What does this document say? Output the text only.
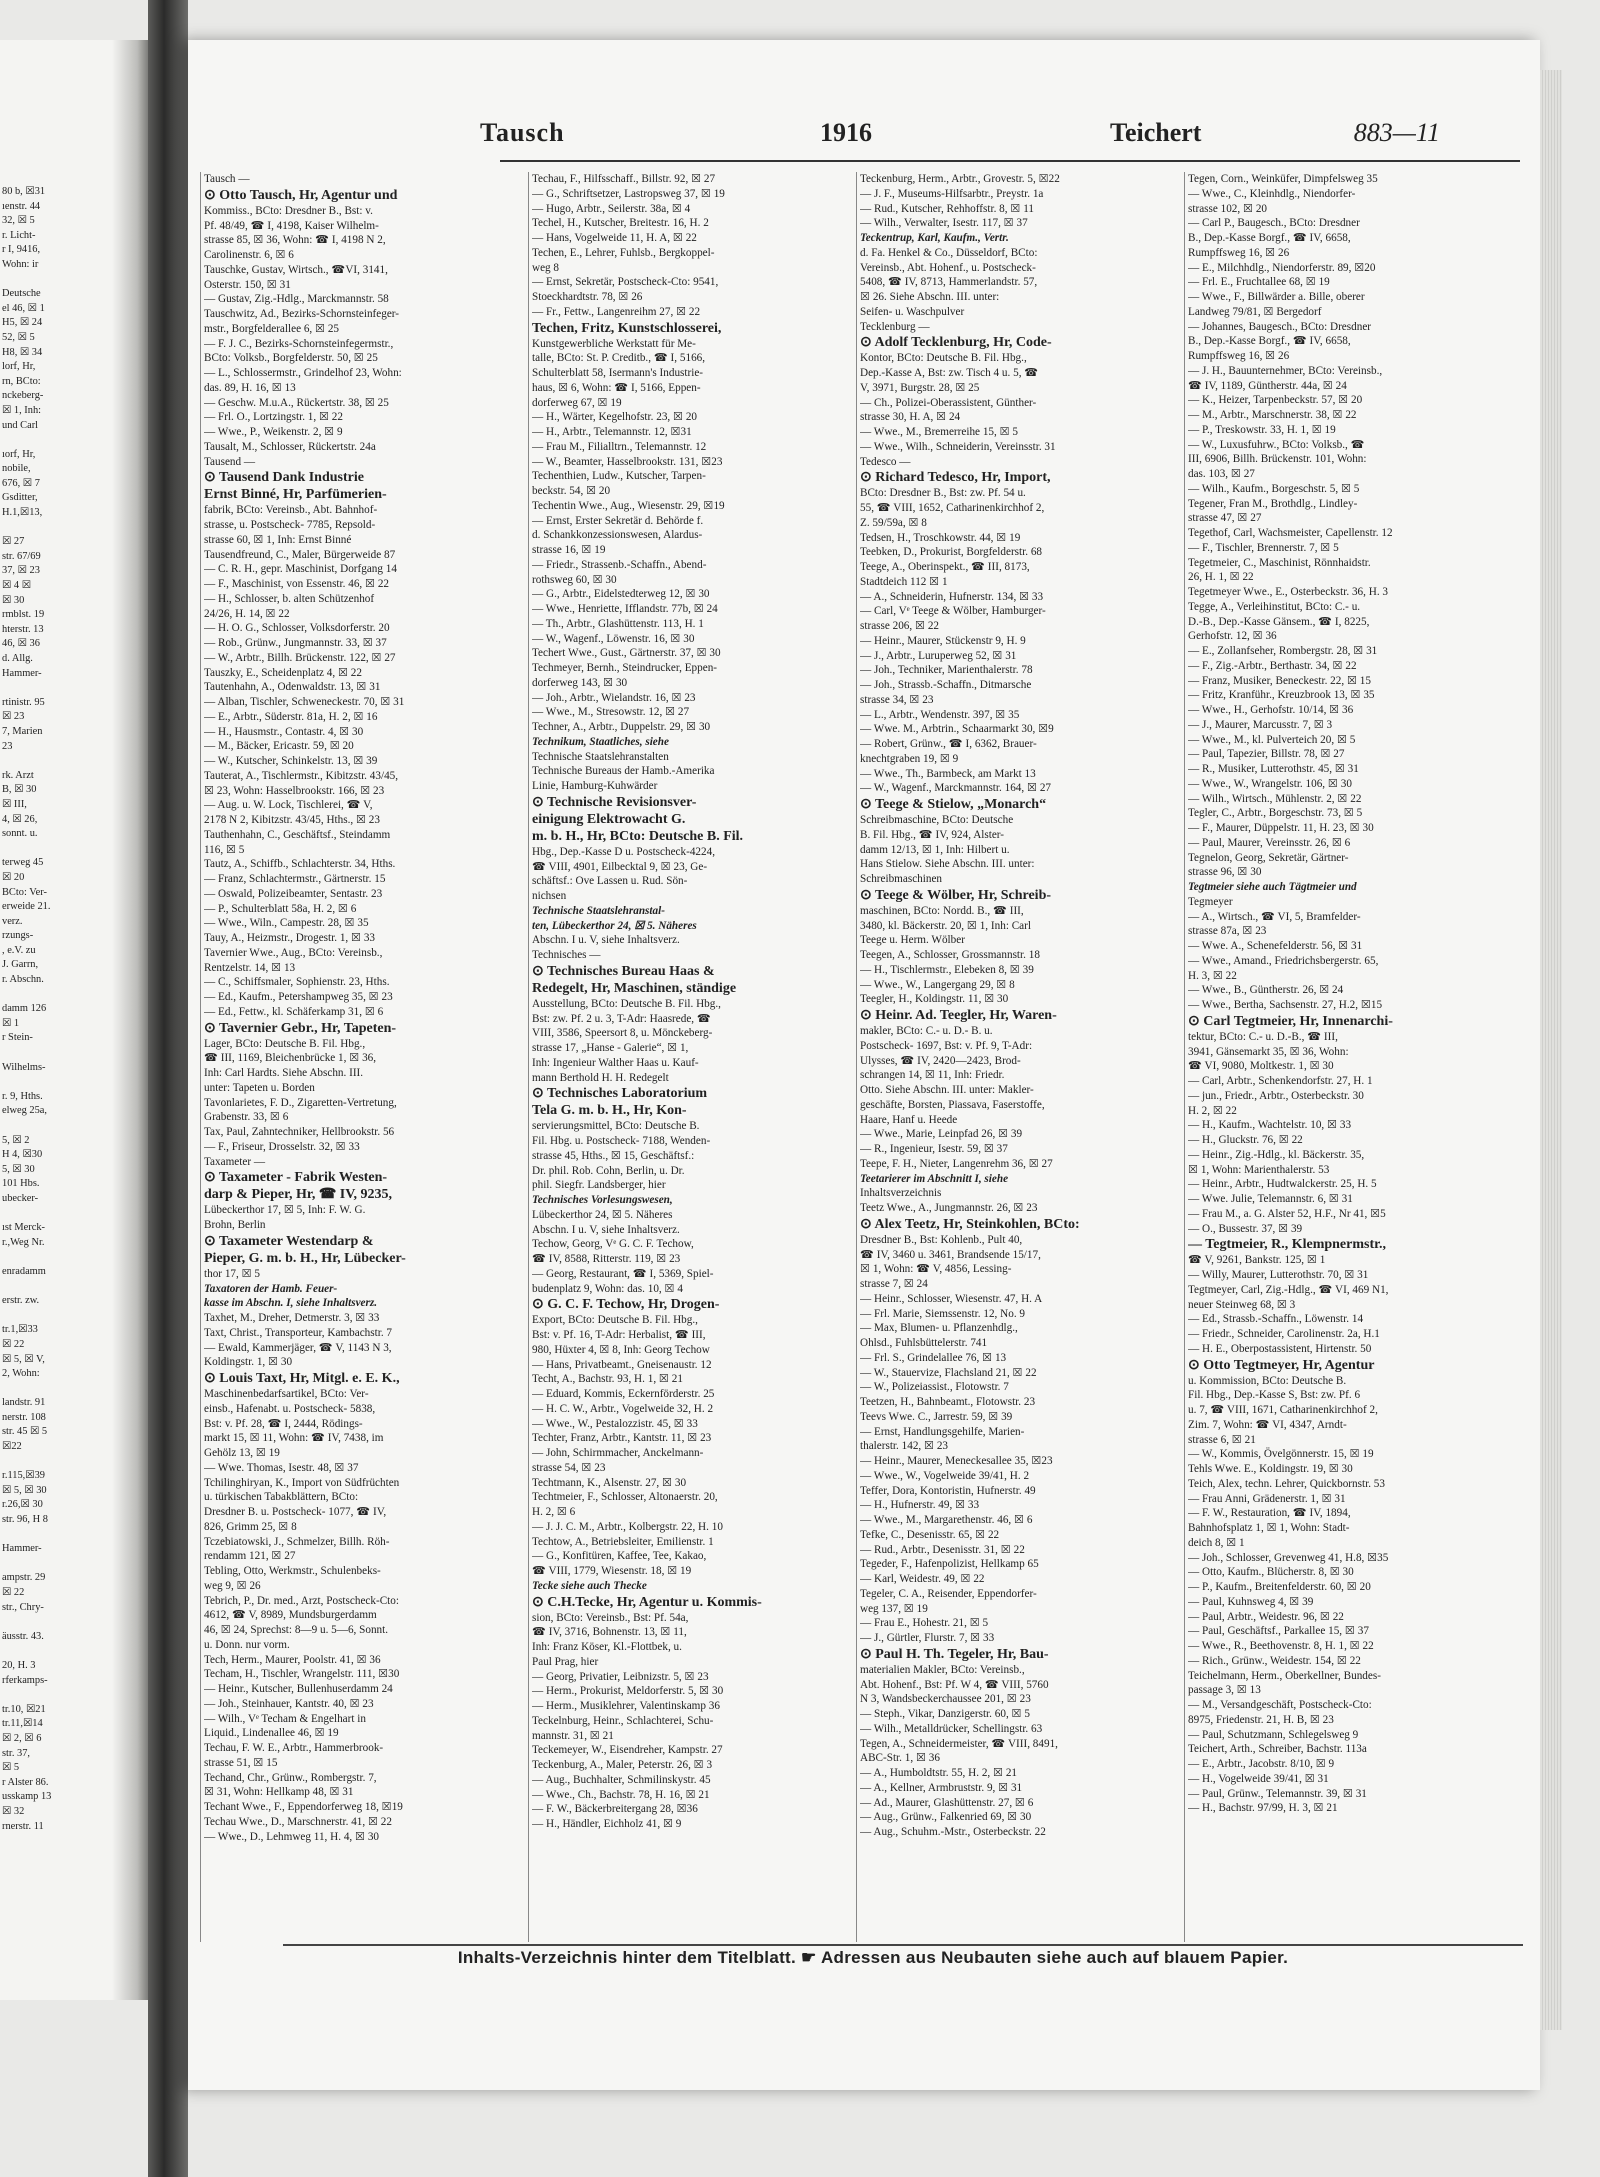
80 b, ☒31
ıenstr. 44
32, ☒ 5
r. Licht-
r I, 9416,
Wohn: ir

Deutsche
el 46, ☒ 1
H5, ☒ 24
52, ☒ 5
H8, ☒ 34
lorf, Hr,
rn, BCto:
nckeberg-
☒ 1, Inh:
und Carl

ıorf, Hr,
nobile,
676, ☒ 7
Gsditter,
H.1,☒13,

☒ 27
str. 67/69
37, ☒ 23
☒ 4 ☒
☒ 30
rmblst. 19
hterstr. 13
46, ☒ 36
d. Allg.
Hammer-

rtinistr. 95
☒ 23
7, Marien
23

rk. Arzt
B, ☒ 30
☒ III,
4, ☒ 26,
sonnt. u.

terweg 45
☒ 20
BCto: Ver-
erweide 21.
verz.
rzungs-
, e.V. zu
J. Garrn,
r. Abschn.

damm 126
☒ 1
r Stein-

Wilhelms-

r. 9, Hths.
elweg 25a,

5, ☒ 2
H 4, ☒30
5, ☒ 30
101 Hbs.
ubecker-

ıst Merck-
r.,Weg Nr.

enradamm

erstr. zw.

tr.1,☒33
☒ 22
☒ 5, ☒ V,
2, Wohn:

landstr. 91
nerstr. 108
str. 45 ☒ 5
☒22

r.115,☒39
☒ 5, ☒ 30
r.26,☒ 30
str. 96, H 8

Hammer-

ampstr. 29
☒ 22
str., Chry-

äusstr. 43.

20, H. 3
rferkamps-

tr.10, ☒21
tr.11,☒14
☒ 2, ☒ 6
str. 37,
☒ 5
r Alster 86.
usskamp 13
☒ 32
rnerstr. 11
Tausch	1916	Teichert	883—11
Tausch —
⊙ Otto Tausch, Hr, Agentur und
Kommiss., BCto: Dresdner B., Bst: v.
Pf. 48/49, ☎ I, 4198, Kaiser Wilhelm-
strasse 85, ☒ 36, Wohn: ☎ I, 4198 N 2,
Carolinenstr. 6, ☒ 6
Tauschke, Gustav, Wirtsch., ☎VI, 3141,
Osterstr. 150, ☒ 31
— Gustav, Zig.-Hdlg., Marckmannstr. 58
Tauschwitz, Ad., Bezirks-Schornsteinfeger-
mstr., Borgfelderallee 6, ☒ 25
— F. J. C., Bezirks-Schornsteinfegermstr.,
BCto: Volksb., Borgfelderstr. 50, ☒ 25
— L., Schlossermstr., Grindelhof 23, Wohn:
das. 89, H. 16, ☒ 13
— Geschw. M.u.A., Rückertstr. 38, ☒ 25
— Frl. O., Lortzingstr. 1, ☒ 22
— Wwe., P., Weikenstr. 2, ☒ 9
Tausalt, M., Schlosser, Rückertstr. 24a
Tausend —
⊙ Tausend Dank Industrie
Ernst Binné, Hr, Parfümerien-
fabrik, BCto: Vereinsb., Abt. Bahnhof-
strasse, u. Postscheck- 7785, Repsold-
strasse 60, ☒ 1, Inh: Ernst Binné
Tausendfreund, C., Maler, Bürgerweide 87
— C. R. H., gepr. Maschinist, Dorfgang 14
— F., Maschinist, von Essenstr. 46, ☒ 22
— H., Schlosser, b. alten Schützenhof
24/26, H. 14, ☒ 22
— H. O. G., Schlosser, Volksdorferstr. 20
— Rob., Grünw., Jungmannstr. 33, ☒ 37
— W., Arbtr., Billh. Brückenstr. 122, ☒ 27
Tauszky, E., Scheidenplatz 4, ☒ 22
Tautenhahn, A., Odenwaldstr. 13, ☒ 31
— Alban, Tischler, Schweneckestr. 70, ☒ 31
— E., Arbtr., Süderstr. 81a, H. 2, ☒ 16
— H., Hausmstr., Contastr. 4, ☒ 30
— M., Bäcker, Ericastr. 59, ☒ 20
— W., Kutscher, Schinkelstr. 13, ☒ 39
Tauterat, A., Tischlermstr., Kibitzstr. 43/45,
☒ 23, Wohn: Hasselbrookstr. 166, ☒ 23
— Aug. u. W. Lock, Tischlerei, ☎ V,
2178 N 2, Kibitzstr. 43/45, Hths., ☒ 23
Tauthenhahn, C., Geschäftsf., Steindamm
116, ☒ 5
Tautz, A., Schiffb., Schlachterstr. 34, Hths.
— Franz, Schlachtermstr., Gärtnerstr. 15
— Oswald, Polizeibeamter, Sentastr. 23
— P., Schulterblatt 58a, H. 2, ☒ 6
— Wwe., Wiln., Campestr. 28, ☒ 35
Tauy, A., Heizmstr., Drogestr. 1, ☒ 33
Tavernier Wwe., Aug., BCto: Vereinsb.,
Rentzelstr. 14, ☒ 13
— C., Schiffsmaler, Sophienstr. 23, Hths.
— Ed., Kaufm., Petershampweg 35, ☒ 23
— Ed., Fettw., kl. Schäferkamp 31, ☒ 6
⊙ Tavernier Gebr., Hr, Tapeten-
Lager, BCto: Deutsche B. Fil. Hbg.,
☎ III, 1169, Bleichenbrücke 1, ☒ 36,
Inh: Carl Hardts. Siehe Abschn. III.
unter: Tapeten u. Borden
Tavonlarietes, F. D., Zigaretten-Vertretung,
Grabenstr. 33, ☒ 6
Tax, Paul, Zahntechniker, Hellbrookstr. 56
— F., Friseur, Drosselstr. 32, ☒ 33
Taxameter —
⊙ Taxameter - Fabrik Westen-
darp & Pieper, Hr, ☎ IV, 9235,
Lübeckerthor 17, ☒ 5, Inh: F. W. G.
Brohn, Berlin
⊙ Taxameter Westendarp &
Pieper, G. m. b. H., Hr, Lübecker-
thor 17, ☒ 5
Taxatoren der Hamb. Feuer-
kasse im Abschn. I, siehe Inhaltsverz.
Taxhet, M., Dreher, Detmerstr. 3, ☒ 33
Taxt, Christ., Transporteur, Kambachstr. 7
— Ewald, Kammerjäger, ☎ V, 1143 N 3,
Koldingstr. 1, ☒ 30
⊙ Louis Taxt, Hr, Mitgl. e. E. K.,
Maschinenbedarfsartikel, BCto: Ver-
einsb., Hafenabt. u. Postscheck- 5838,
Bst: v. Pf. 28, ☎ I, 2444, Rödings-
markt 15, ☒ 11, Wohn: ☎ IV, 7438, im
Gehölz 13, ☒ 19
— Wwe. Thomas, Isestr. 48, ☒ 37
Tchilinghiryan, K., Import von Südfrüchten
u. türkischen Tabakblättern, BCto:
Dresdner B. u. Postscheck- 1077, ☎ IV,
826, Grimm 25, ☒ 8
Tczebiatowski, J., Schmelzer, Billh. Röh-
rendamm 121, ☒ 27
Tebling, Otto, Werkmstr., Schulenbeks-
weg 9, ☒ 26
Tebrich, P., Dr. med., Arzt, Postscheck-Cto:
4612, ☎ V, 8989, Mundsburgerdamm
46, ☒ 24, Sprechst: 8—9 u. 5—6, Sonnt.
u. Donn. nur vorm.
Tech, Herm., Maurer, Poolstr. 41, ☒ 36
Techam, H., Tischler, Wrangelstr. 111, ☒30
— Heinr., Kutscher, Bullenhuserdamm 24
— Joh., Steinhauer, Kantstr. 40, ☒ 23
— Wilh., Vᵉ Techam & Engelhart in
Liquid., Lindenallee 46, ☒ 19
Techau, F. W. E., Arbtr., Hammerbrook-
strasse 51, ☒ 15
Techand, Chr., Grünw., Rombergstr. 7,
☒ 31, Wohn: Hellkamp 48, ☒ 31
Techant Wwe., F., Eppendorferweg 18, ☒19
Techau Wwe., D., Marschnerstr. 41, ☒ 22
— Wwe., D., Lehmweg 11, H. 4, ☒ 30
Techau, F., Hilfsschaff., Billstr. 92, ☒ 27
— G., Schriftsetzer, Lastropsweg 37, ☒ 19
— Hugo, Arbtr., Seilerstr. 38a, ☒ 4
Techel, H., Kutscher, Breitestr. 16, H. 2
— Hans, Vogelweide 11, H. A, ☒ 22
Techen, E., Lehrer, Fuhlsb., Bergkoppel-
weg 8
— Ernst, Sekretär, Postscheck-Cto: 9541,
Stoeckhardtstr. 78, ☒ 26
— Fr., Fettw., Langenreihm 27, ☒ 22
Techen, Fritz, Kunstschlosserei,
Kunstgewerbliche Werkstatt für Me-
talle, BCto: St. P. Creditb., ☎ I, 5166,
Schulterblatt 58, Isermann's Industrie-
haus, ☒ 6, Wohn: ☎ I, 5166, Eppen-
dorferweg 67, ☒ 19
— H., Wärter, Kegelhofstr. 23, ☒ 20
— H., Arbtr., Telemannstr. 12, ☒31
— Frau M., Filialltrn., Telemannstr. 12
— W., Beamter, Hasselbrookstr. 131, ☒23
Techenthien, Ludw., Kutscher, Tarpen-
beckstr. 54, ☒ 20
Techentin Wwe., Aug., Wiesenstr. 29, ☒19
— Ernst, Erster Sekretär d. Behörde f.
d. Schankkonzessionswesen, Alardus-
strasse 16, ☒ 19
— Friedr., Strassenb.-Schaffn., Abend-
rothsweg 60, ☒ 30
— G., Arbtr., Eidelstedterweg 12, ☒ 30
— Wwe., Henriette, Ifflandstr. 77b, ☒ 24
— Th., Arbtr., Glashüttenstr. 113, H. 1
— W., Wagenf., Löwenstr. 16, ☒ 30
Techert Wwe., Gust., Gärtnerstr. 37, ☒ 30
Techmeyer, Bernh., Steindrucker, Eppen-
dorferweg 143, ☒ 30
— Joh., Arbtr., Wielandstr. 16, ☒ 23
— Wwe., M., Stresowstr. 12, ☒ 27
Techner, A., Arbtr., Duppelstr. 29, ☒ 30
Technikum, Staatliches, siehe
Technische Staatslehranstalten
Technische Bureaus der Hamb.-Amerika
Linie, Hamburg-Kuhwärder
⊙ Technische Revisionsver-
einigung Elektrowacht G.
m. b. H., Hr, BCto: Deutsche B. Fil.
Hbg., Dep.-Kasse D u. Postscheck-4224,
☎ VIII, 4901, Eilbecktal 9, ☒ 23, Ge-
schäftsf.: Ove Lassen u. Rud. Sön-
nichsen
Technische Staatslehranstal-
ten, Lübeckerthor 24, ☒ 5. Näheres
Abschn. I u. V, siehe Inhaltsverz.
Technisches —
⊙ Technisches Bureau Haas &
Redegelt, Hr, Maschinen, ständige
Ausstellung, BCto: Deutsche B. Fil. Hbg.,
Bst: zw. Pf. 2 u. 3, T-Adr: Haasrede, ☎
VIII, 3586, Speersort 8, u. Mönckeberg-
strasse 17, „Hanse - Galerie“, ☒ 1,
Inh: Ingenieur Walther Haas u. Kauf-
mann Berthold H. H. Redegelt
⊙ Technisches Laboratorium
Tela G. m. b. H., Hr, Kon-
servierungsmittel, BCto: Deutsche B.
Fil. Hbg. u. Postscheck- 7188, Wenden-
strasse 45, Hths., ☒ 15, Geschäftsf.:
Dr. phil. Rob. Cohn, Berlin, u. Dr.
phil. Siegfr. Landsberger, hier
Technisches Vorlesungswesen,
Lübeckerthor 24, ☒ 5. Näheres
Abschn. I u. V, siehe Inhaltsverz.
Techow, Georg, Vᵉ G. C. F. Techow,
☎ IV, 8588, Ritterstr. 119, ☒ 23
— Georg, Restaurant, ☎ I, 5369, Spiel-
budenplatz 9, Wohn: das. 10, ☒ 4
⊙ G. C. F. Techow, Hr, Drogen-
Export, BCto: Deutsche B. Fil. Hbg.,
Bst: v. Pf. 16, T-Adr: Herbalist, ☎ III,
980, Hüxter 4, ☒ 8, Inh: Georg Techow
— Hans, Privatbeamt., Gneisenaustr. 12
Techt, A., Bachstr. 93, H. 1, ☒ 21
— Eduard, Kommis, Eckernförderstr. 25
— H. C. W., Arbtr., Vogelweide 32, H. 2
— Wwe., W., Pestalozzistr. 45, ☒ 33
Techter, Franz, Arbtr., Kantstr. 11, ☒ 23
— John, Schirmmacher, Anckelmann-
strasse 54, ☒ 23
Techtmann, K., Alsenstr. 27, ☒ 30
Techtmeier, F., Schlosser, Altonaerstr. 20,
H. 2, ☒ 6
— J. J. C. M., Arbtr., Kolbergstr. 22, H. 10
Techtow, A., Betriebsleiter, Emilienstr. 1
— G., Konfitüren, Kaffee, Tee, Kakao,
☎ VIII, 1779, Wiesenstr. 18, ☒ 19
Tecke siehe auch Thecke
⊙ C.H.Tecke, Hr, Agentur u. Kommis-
sion, BCto: Vereinsb., Bst: Pf. 54a,
☎ IV, 3716, Bohnenstr. 13, ☒ 11,
Inh: Franz Köser, Kl.-Flottbek, u.
Paul Prag, hier
— Georg, Privatier, Leibnizstr. 5, ☒ 23
— Herm., Prokurist, Meldorferstr. 5, ☒ 30
— Herm., Musiklehrer, Valentinskamp 36
Teckelnburg, Heinr., Schlachterei, Schu-
mannstr. 31, ☒ 21
Teckemeyer, W., Eisendreher, Kampstr. 27
Teckenburg, A., Maler, Peterstr. 26, ☒ 3
— Aug., Buchhalter, Schmilinskystr. 45
— Wwe., Ch., Bachstr. 78, H. 16, ☒ 21
— F. W., Bäckerbreitergang 28, ☒36
— H., Händler, Eichholz 41, ☒ 9
Teckenburg, Herm., Arbtr., Grovestr. 5, ☒22
— J. F., Museums-Hilfsarbtr., Preystr. 1a
— Rud., Kutscher, Rehhoffstr. 8, ☒ 11
— Wilh., Verwalter, Isestr. 117, ☒ 37
Teckentrup, Karl, Kaufm., Vertr.
d. Fa. Henkel & Co., Düsseldorf, BCto:
Vereinsb., Abt. Hohenf., u. Postscheck-
5408, ☎ IV, 8713, Hammerlandstr. 57,
☒ 26. Siehe Abschn. III. unter:
Seifen- u. Waschpulver
Tecklenburg —
⊙ Adolf Tecklenburg, Hr, Code-
Kontor, BCto: Deutsche B. Fil. Hbg.,
Dep.-Kasse A, Bst: zw. Tisch 4 u. 5, ☎
V, 3971, Burgstr. 28, ☒ 25
— Ch., Polizei-Oberassistent, Günther-
strasse 30, H. A, ☒ 24
— Wwe., M., Bremerreihe 15, ☒ 5
— Wwe., Wilh., Schneiderin, Vereinsstr. 31
Tedesco —
⊙ Richard Tedesco, Hr, Import,
BCto: Dresdner B., Bst: zw. Pf. 54 u.
55, ☎ VIII, 1652, Catharinenkirchhof 2,
Z. 59/59a, ☒ 8
Tedsen, H., Troschkowstr. 44, ☒ 19
Teebken, D., Prokurist, Borgfelderstr. 68
Teege, A., Oberinspekt., ☎ III, 8173,
Stadtdeich 112 ☒ 1
— A., Schneiderin, Hufnerstr. 134, ☒ 33
— Carl, Vᵉ Teege & Wölber, Hamburger-
strasse 206, ☒ 22
— Heinr., Maurer, Stückenstr 9, H. 9
— J., Arbtr., Luruperweg 52, ☒ 31
— Joh., Techniker, Marienthalerstr. 78
— Joh., Strassb.-Schaffn., Ditmarsche
strasse 34, ☒ 23
— L., Arbtr., Wendenstr. 397, ☒ 35
— Wwe. M., Arbtrin., Schaarmarkt 30, ☒9
— Robert, Grünw., ☎ I, 6362, Brauer-
knechtgraben 19, ☒ 9
— Wwe., Th., Barmbeck, am Markt 13
— W., Wagenf., Marckmannstr. 164, ☒ 27
⊙ Teege & Stielow, „Monarch“
Schreibmaschine, BCto: Deutsche
B. Fil. Hbg., ☎ IV, 924, Alster-
damm 12/13, ☒ 1, Inh: Hilbert u.
Hans Stielow. Siehe Abschn. III. unter:
Schreibmaschinen
⊙ Teege & Wölber, Hr, Schreib-
maschinen, BCto: Nordd. B., ☎ III,
3480, kl. Bäckerstr. 20, ☒ 1, Inh: Carl
Teege u. Herm. Wölber
Teegen, A., Schlosser, Grossmannstr. 18
— H., Tischlermstr., Elebeken 8, ☒ 39
— Wwe., W., Langergang 29, ☒ 8
Teegler, H., Koldingstr. 11, ☒ 30
⊙ Heinr. Ad. Teegler, Hr, Waren-
makler, BCto: C.- u. D.- B. u.
Postscheck- 1697, Bst: v. Pf. 9, T-Adr:
Ulysses, ☎ IV, 2420—2423, Brod-
schrangen 14, ☒ 11, Inh: Friedr.
Otto. Siehe Abschn. III. unter: Makler-
geschäfte, Borsten, Piassava, Faserstoffe,
Haare, Hanf u. Heede
— Wwe., Marie, Leinpfad 26, ☒ 39
— R., Ingenieur, Isestr. 59, ☒ 37
Teepe, F. H., Nieter, Langenrehm 36, ☒ 27
Teetarierer im Abschnitt I, siehe
Inhaltsverzeichnis
Teetz Wwe., A., Jungmannstr. 26, ☒ 23
⊙ Alex Teetz, Hr, Steinkohlen, BCto:
Dresdner B., Bst: Kohlenb., Pult 40,
☎ IV, 3460 u. 3461, Brandsende 15/17,
☒ 1, Wohn: ☎ V, 4856, Lessing-
strasse 7, ☒ 24
— Heinr., Schlosser, Wiesenstr. 47, H. A
— Frl. Marie, Siemssenstr. 12, No. 9
— Max, Blumen- u. Pflanzenhdlg.,
Ohlsd., Fuhlsbüttelerstr. 741
— Frl. S., Grindelallee 76, ☒ 13
— W., Stauervize, Flachsland 21, ☒ 22
— W., Polizeiassist., Flotowstr. 7
Teetzen, H., Bahnbeamt., Flotowstr. 23
Teevs Wwe. C., Jarrestr. 59, ☒ 39
— Ernst, Handlungsgehilfe, Marien-
thalerstr. 142, ☒ 23
— Heinr., Maurer, Meneckesallee 35, ☒23
— Wwe., W., Vogelweide 39/41, H. 2
Teffer, Dora, Kontoristin, Hufnerstr. 49
— H., Hufnerstr. 49, ☒ 33
— Wwe., M., Margarethenstr. 46, ☒ 6
Tefke, C., Desenisstr. 65, ☒ 22
— Rud., Arbtr., Desenisstr. 31, ☒ 22
Tegeder, F., Hafenpolizist, Hellkamp 65
— Karl, Weidestr. 49, ☒ 22
Tegeler, C. A., Reisender, Eppendorfer-
weg 137, ☒ 19
— Frau E., Hohestr. 21, ☒ 5
— J., Gürtler, Flurstr. 7, ☒ 33
⊙ Paul H. Th. Tegeler, Hr, Bau-
materialien Makler, BCto: Vereinsb.,
Abt. Hohenf., Bst: Pf. W 4, ☎ VIII, 5760
N 3, Wandsbeckerchaussee 201, ☒ 23
— Steph., Vikar, Danzigerstr. 60, ☒ 5
— Wilh., Metalldrücker, Schellingstr. 63
Tegen, A., Schneidermeister, ☎ VIII, 8491,
ABC-Str. 1, ☒ 36
— A., Humboldtstr. 55, H. 2, ☒ 21
— A., Kellner, Armbruststr. 9, ☒ 31
— Ad., Maurer, Glashüttenstr. 27, ☒ 6
— Aug., Grünw., Falkenried 69, ☒ 30
— Aug., Schuhm.-Mstr., Osterbeckstr. 22
Tegen, Corn., Weinküfer, Dimpfelsweg 35
— Wwe., C., Kleinhdlg., Niendorfer-
strasse 102, ☒ 20
— Carl P., Baugesch., BCto: Dresdner
B., Dep.-Kasse Borgf., ☎ IV, 6658,
Rumpffsweg 16, ☒ 26
— E., Milchhdlg., Niendorferstr. 89, ☒20
— Frl. E., Fruchtallee 68, ☒ 19
— Wwe., F., Billwärder a. Bille, oberer
Landweg 79/81, ☒ Bergedorf
— Johannes, Baugesch., BCto: Dresdner
B., Dep.-Kasse Borgf., ☎ IV, 6658,
Rumpffsweg 16, ☒ 26
— J. H., Bauunternehmer, BCto: Vereinsb.,
☎ IV, 1189, Güntherstr. 44a, ☒ 24
— K., Heizer, Tarpenbeckstr. 57, ☒ 20
— M., Arbtr., Marschnerstr. 38, ☒ 22
— P., Treskowstr. 33, H. 1, ☒ 19
— W., Luxusfuhrw., BCto: Volksb., ☎
III, 6906, Billh. Brückenstr. 101, Wohn:
das. 103, ☒ 27
— Wilh., Kaufm., Borgeschstr. 5, ☒ 5
Tegener, Fran M., Brothdlg., Lindley-
strasse 47, ☒ 27
Tegethof, Carl, Wachsmeister, Capellenstr. 12
— F., Tischler, Brennerstr. 7, ☒ 5
Tegetmeier, C., Maschinist, Rönnhaidstr.
26, H. 1, ☒ 22
Tegetmeyer Wwe., E., Osterbeckstr. 36, H. 3
Tegge, A., Verleihinstitut, BCto: C.- u.
D.-B., Dep.-Kasse Gänsem., ☎ I, 8225,
Gerhofstr. 12, ☒ 36
— E., Zollanfseher, Rombergstr. 28, ☒ 31
— F., Zig.-Arbtr., Berthastr. 34, ☒ 22
— Franz, Musiker, Beneckestr. 22, ☒ 15
— Fritz, Kranführ., Kreuzbrook 13, ☒ 35
— Wwe., H., Gerhofstr. 10/14, ☒ 36
— J., Maurer, Marcusstr. 7, ☒ 3
— Wwe., M., kl. Pulverteich 20, ☒ 5
— Paul, Tapezier, Billstr. 78, ☒ 27
— R., Musiker, Lutterothstr. 45, ☒ 31
— Wwe., W., Wrangelstr. 106, ☒ 30
— Wilh., Wirtsch., Mühlenstr. 2, ☒ 22
Tegler, C., Arbtr., Borgeschstr. 73, ☒ 5
— F., Maurer, Düppelstr. 11, H. 23, ☒ 30
— Paul, Maurer, Vereinsstr. 26, ☒ 6
Tegnelon, Georg, Sekretär, Gärtner-
strasse 96, ☒ 30
Tegtmeier siehe auch Tägtmeier und
Tegmeyer
— A., Wirtsch., ☎ VI, 5, Bramfelder-
strasse 87a, ☒ 23
— Wwe. A., Schenefelderstr. 56, ☒ 31
— Wwe., Amand., Friedrichsbergerstr. 65,
H. 3, ☒ 22
— Wwe., B., Güntherstr. 26, ☒ 24
— Wwe., Bertha, Sachsenstr. 27, H.2, ☒15
⊙ Carl Tegtmeier, Hr, Innenarchi-
tektur, BCto: C.- u. D.-B., ☎ III,
3941, Gänsemarkt 35, ☒ 36, Wohn:
☎ VI, 9080, Moltkestr. 1, ☒ 30
— Carl, Arbtr., Schenkendorfstr. 27, H. 1
— jun., Friedr., Arbtr., Osterbeckstr. 30
H. 2, ☒ 22
— H., Kaufm., Wachtelstr. 10, ☒ 33
— H., Gluckstr. 76, ☒ 22
— Heinr., Zig.-Hdlg., kl. Bäckerstr. 35,
☒ 1, Wohn: Marienthalerstr. 53
— Heinr., Arbtr., Hudtwalckerstr. 25, H. 5
— Wwe. Julie, Telemannstr. 6, ☒ 31
— Frau M., a. G. Alster 52, H.F., Nr 41, ☒5
— O., Bussestr. 37, ☒ 39
— Tegtmeier, R., Klempnermstr.,
☎ V, 9261, Bankstr. 125, ☒ 1
— Willy, Maurer, Lutterothstr. 70, ☒ 31
Tegtmeyer, Carl, Zig.-Hdlg., ☎ VI, 469 N1,
neuer Steinweg 68, ☒ 3
— Ed., Strassb.-Schaffn., Löwenstr. 14
— Friedr., Schneider, Carolinenstr. 2a, H.1
— H. E., Oberpostassistent, Hirtenstr. 50
⊙ Otto Tegtmeyer, Hr, Agentur
u. Kommission, BCto: Deutsche B.
Fil. Hbg., Dep.-Kasse S, Bst: zw. Pf. 6
u. 7, ☎ VIII, 1671, Catharinenkirchhof 2,
Zim. 7, Wohn: ☎ VI, 4347, Arndt-
strasse 6, ☒ 21
— W., Kommis, Övelgönnerstr. 15, ☒ 19
Tehls Wwe. E., Koldingstr. 19, ☒ 30
Teich, Alex, techn. Lehrer, Quickbornstr. 53
— Frau Anni, Grädenerstr. 1, ☒ 31
— F. W., Restauration, ☎ IV, 1894,
Bahnhofsplatz 1, ☒ 1, Wohn: Stadt-
deich 8, ☒ 1
— Joh., Schlosser, Grevenweg 41, H.8, ☒35
— Otto, Kaufm., Blücherstr. 8, ☒ 30
— P., Kaufm., Breitenfelderstr. 60, ☒ 20
— Paul, Kuhnsweg 4, ☒ 39
— Paul, Arbtr., Weidestr. 96, ☒ 22
— Paul, Geschäftsf., Parkallee 15, ☒ 37
— Wwe., R., Beethovenstr. 8, H. 1, ☒ 22
— Rich., Grünw., Weidestr. 154, ☒ 22
Teichelmann, Herm., Oberkellner, Bundes-
passage 3, ☒ 13
— M., Versandgeschäft, Postscheck-Cto:
8975, Friedenstr. 21, H. B, ☒ 23
— Paul, Schutzmann, Schlegelsweg 9
Teichert, Arth., Schreiber, Bachstr. 113a
— E., Arbtr., Jacobstr. 8/10, ☒ 9
— H., Vogelweide 39/41, ☒ 31
— Paul, Grünw., Telemannstr. 39, ☒ 31
— H., Bachstr. 97/99, H. 3, ☒ 21
Inhalts-Verzeichnis hinter dem Titelblatt. ☛ Adressen aus Neubauten siehe auch auf blauem Papier.
